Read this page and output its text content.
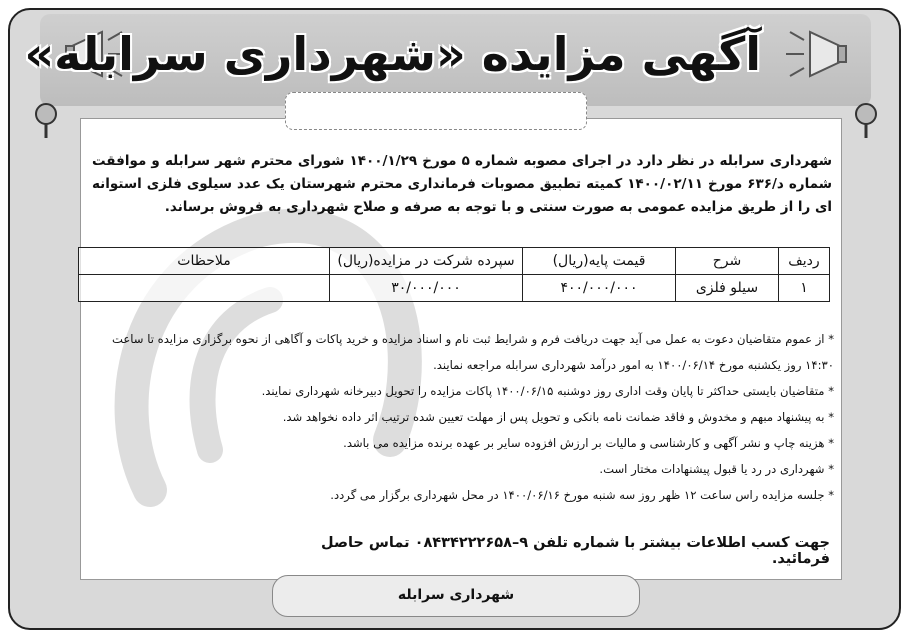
آگهی مزایده «شهرداری سرابله»
شهرداری سرابله در نظر دارد در اجرای مصوبه شماره ۵ مورخ ۱۴۰۰/۱/۲۹ شورای محترم شهر سرابله و موافقت شماره د/۶۳۶ مورخ ۱۴۰۰/۰۲/۱۱ کمیته تطبیق مصوبات فرمانداری محترم شهرستان یک عدد سیلوی فلزی استوانه ای را از طریق مزایده عمومی به صورت سنتی و با توجه به صرفه و صلاح شهرداری به فروش برساند.
ردیف	شرح	قیمت پایه(ریال)	سپرده شرکت در مزایده(ریال)	ملاحظات
۱	سیلو فلزی	۴۰۰/۰۰۰/۰۰۰	۳۰/۰۰۰/۰۰۰	
* از عموم متقاضیان دعوت به عمل می آید جهت دریافت فرم و شرایط ثبت نام و اسناد مزایده و خرید پاکات و آگاهی از نحوه برگزاری مزایده تا ساعت ۱۴:۳۰ روز یکشنبه مورخ ۱۴۰۰/۰۶/۱۴ به امور درآمد شهرداری سرابله مراجعه نمایند.
* متقاضیان بایستی حداکثر تا پایان وقت اداری روز دوشنبه ۱۴۰۰/۰۶/۱۵ پاکات مزایده را تحویل دبیرخانه شهرداری نمایند.
* به پیشنهاد مبهم و مخدوش و فاقد ضمانت نامه بانکی و تحویل پس از مهلت تعیین شده ترتیب اثر داده نخواهد شد.
* هزینه چاپ و نشر آگهی و کارشناسی و مالیات بر ارزش افزوده سایر بر عهده برنده مزایده می باشد.
* شهرداری در رد یا قبول پیشنهادات مختار است.
* جلسه مزایده راس ساعت ۱۲ ظهر روز سه شنبه مورخ ۱۴۰۰/۰۶/۱۶ در محل شهرداری برگزار می گردد.
جهت کسب اطلاعات بیشتر با شماره تلفن ۹–۰۸۴۳۴۲۲۲۶۵۸ تماس حاصل فرمائید.
شهرداری سرابله
